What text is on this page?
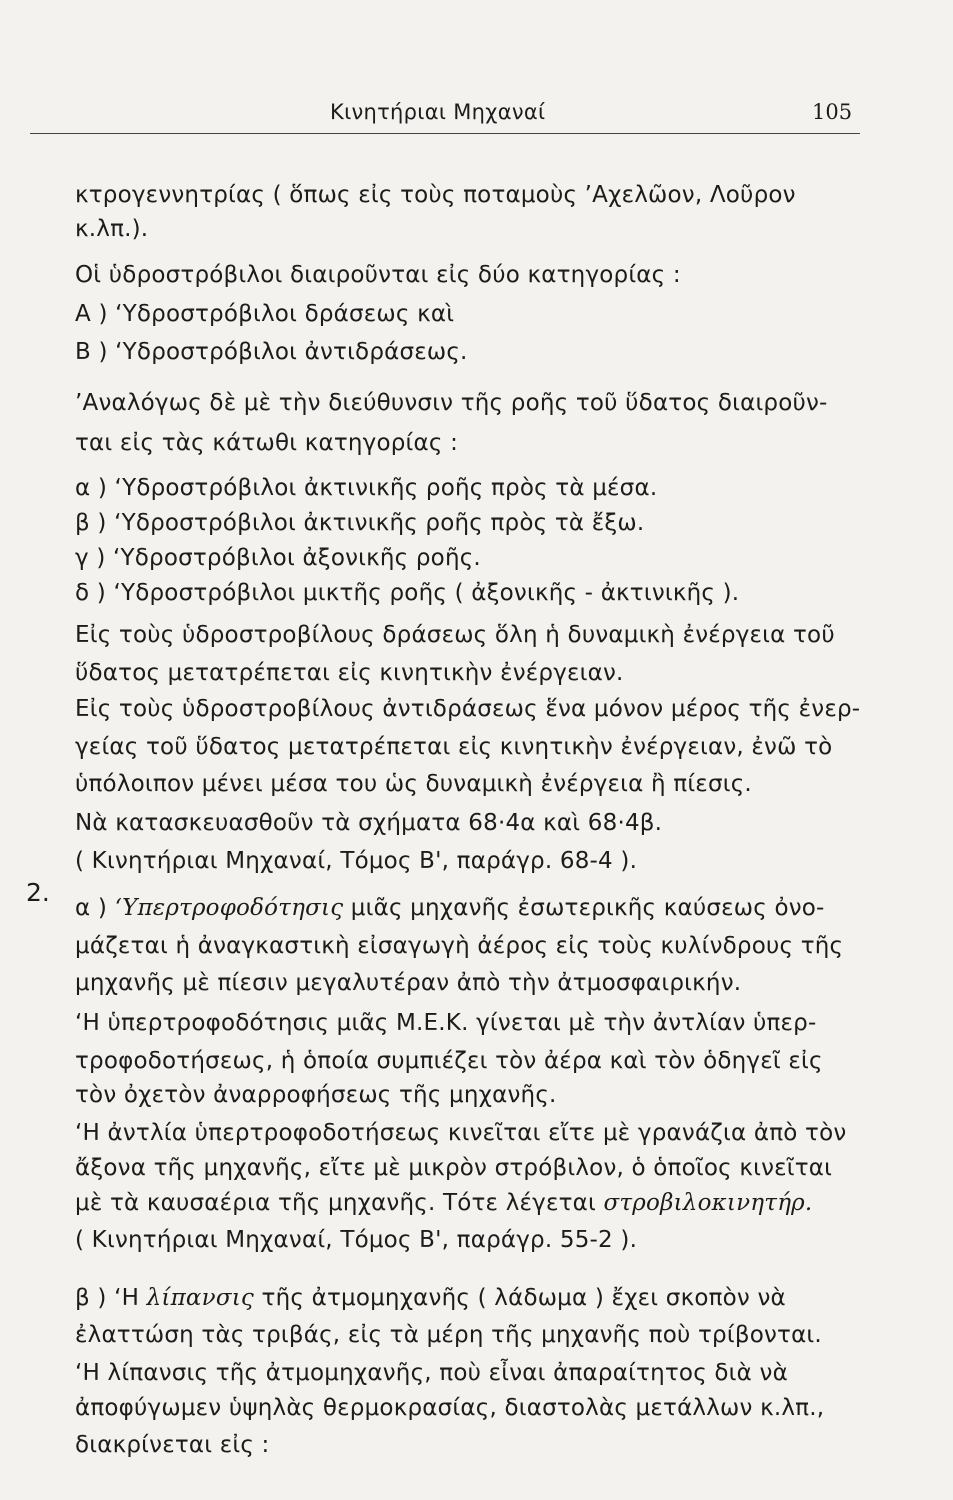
Κινητήριαι Μηχαναί	105
κτρογεννητρίας ( ὅπως εἰς τοὺς ποταμοὺς ’Αχελῶον, Λοῦρον
κ.λπ.).
Οἱ ὑδροστρόβιλοι διαιροῦνται εἰς δύο κατηγορίας :
Α ) ‘Υδροστρόβιλοι δράσεως καὶ
Β ) ‘Υδροστρόβιλοι ἀντιδράσεως.
’Αναλόγως δὲ μὲ τὴν διεύθυνσιν τῆς ροῆς τοῦ ὕδατος διαιροῦν-
ται εἰς τὰς κάτωθι κατηγορίας :
α ) ‘Υδροστρόβιλοι ἀκτινικῆς ροῆς πρὸς τὰ μέσα.
β ) ‘Υδροστρόβιλοι ἀκτινικῆς ροῆς πρὸς τὰ ἔξω.
γ ) ‘Υδροστρόβιλοι ἀξονικῆς ροῆς.
δ ) ‘Υδροστρόβιλοι μικτῆς ροῆς ( ἀξονικῆς - ἀκτινικῆς ).
Εἰς τοὺς ὑδροστροβίλους δράσεως ὅλη ἡ δυναμικὴ ἐνέργεια τοῦ
ὕδατος μετατρέπεται εἰς κινητικὴν ἐνέργειαν.
Εἰς τοὺς ὑδροστροβίλους ἀντιδράσεως ἕνα μόνον μέρος τῆς ἐνερ-
γείας τοῦ ὕδατος μετατρέπεται εἰς κινητικὴν ἐνέργειαν, ἐνῶ τὸ
ὑπόλοιπον μένει μέσα του ὡς δυναμικὴ ἐνέργεια ἢ πίεσις.
Νὰ κατασκευασθοῦν τὰ σχήματα 68·4α καὶ 68·4β.
( Κινητήριαι Μηχαναί, Τόμος Β', παράγρ. 68-4 ).
2.
α ) ‘Υπερτροφοδότησις μιᾶς μηχανῆς ἐσωτερικῆς καύσεως ὀνο-
μάζεται ἡ ἀναγκαστικὴ εἰσαγωγὴ ἀέρος εἰς τοὺς κυλίνδρους τῆς
μηχανῆς μὲ πίεσιν μεγαλυτέραν ἀπὸ τὴν ἀτμοσφαιρικήν.
‘Η ὑπερτροφοδότησις μιᾶς Μ.Ε.Κ. γίνεται μὲ τὴν ἀντλίαν ὑπερ-
τροφοδοτήσεως, ἡ ὁποία συμπιέζει τὸν ἀέρα καὶ τὸν ὁδηγεῖ εἰς
τὸν ὀχετὸν ἀναρροφήσεως τῆς μηχανῆς.
‘Η ἀντλία ὑπερτροφοδοτήσεως κινεῖται εἴτε μὲ γρανάζια ἀπὸ τὸν
ἄξονα τῆς μηχανῆς, εἴτε μὲ μικρὸν στρόβιλον, ὁ ὁποῖος κινεῖται
μὲ τὰ καυσαέρια τῆς μηχανῆς. Τότε λέγεται στροβιλοκινητήρ.
( Κινητήριαι Μηχαναί, Τόμος Β', παράγρ. 55-2 ).
β ) ‘Η λίπανσις τῆς ἀτμομηχανῆς ( λάδωμα ) ἔχει σκοπὸν νὰ
ἐλαττώση τὰς τριβάς, εἰς τὰ μέρη τῆς μηχανῆς ποὺ τρίβονται.
‘Η λίπανσις τῆς ἀτμομηχανῆς, ποὺ εἶναι ἀπαραίτητος διὰ νὰ
ἀποφύγωμεν ὑψηλὰς θερμοκρασίας, διαστολὰς μετάλλων κ.λπ.,
διακρίνεται εἰς :
